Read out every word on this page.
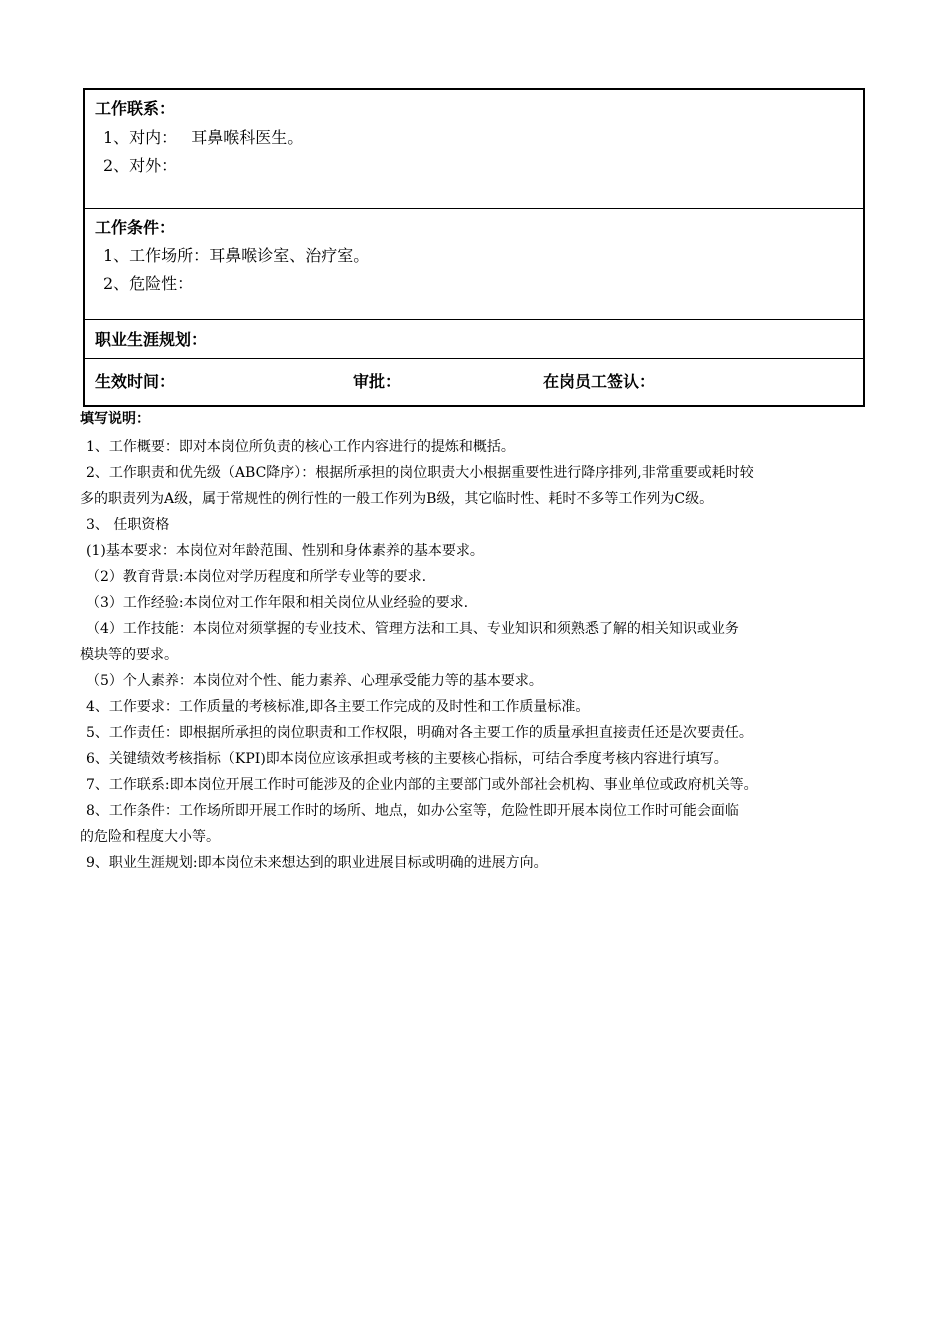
工作联系：
1、对内： 耳鼻喉科医生。
2、对外：
工作条件：
1、工作场所：耳鼻喉诊室、治疗室。
2、危险性：
职业生涯规划：
生效时间：	审批：	在岗员工签认：
填写说明：

1、工作概要：即对本岗位所负责的核心工作内容进行的提炼和概括。

2、工作职责和优先级（ABC降序）：根据所承担的岗位职责大小根据重要性进行降序排列,非常重要或耗时较

多的职责列为A级，属于常规性的例行性的一般工作列为B级，其它临时性、耗时不多等工作列为C级。

3、 任职资格

(1)基本要求：本岗位对年龄范围、性别和身体素养的基本要求。

（2）教育背景:本岗位对学历程度和所学专业等的要求.

（3）工作经验:本岗位对工作年限和相关岗位从业经验的要求.

（4）工作技能：本岗位对须掌握的专业技术、管理方法和工具、专业知识和须熟悉了解的相关知识或业务

模块等的要求。

（5）个人素养：本岗位对个性、能力素养、心理承受能力等的基本要求。

4、工作要求：工作质量的考核标准,即各主要工作完成的及时性和工作质量标准。

5、工作责任：即根据所承担的岗位职责和工作权限，明确对各主要工作的质量承担直接责任还是次要责任。

6、关键绩效考核指标（KPI)即本岗位应该承担或考核的主要核心指标，可结合季度考核内容进行填写。

7、工作联系:即本岗位开展工作时可能涉及的企业内部的主要部门或外部社会机构、事业单位或政府机关等。

8、工作条件：工作场所即开展工作时的场所、地点，如办公室等，危险性即开展本岗位工作时可能会面临

的危险和程度大小等。

9、职业生涯规划:即本岗位未来想达到的职业进展目标或明确的进展方向。
